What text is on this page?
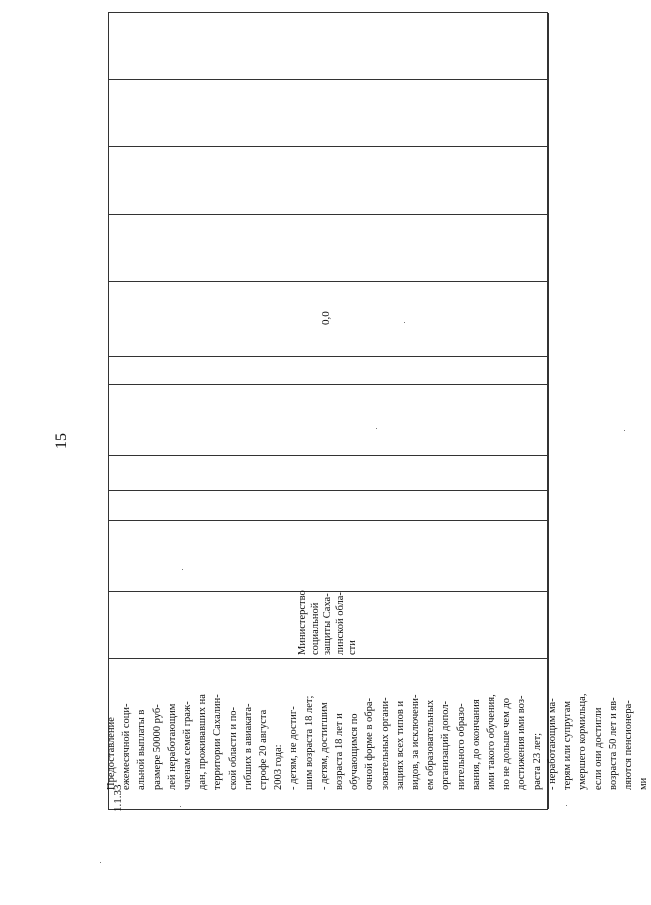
15
1.1.33
Предоставление
ежемесячной соци-
альной выплаты в
размере 50000 руб-
лей неработающим
членам семей граж-
дан, проживавших на
территории Сахалин-
ской области и по-
гибших в авиаката-
строфе 20 августа
2003 года:
- детям, не достиг-
шим возраста 18 лет;
- детям, достигшим
возраста 18 лет и
обучающимся по
очной форме в обра-
зовательных органи-
зациях всех типов и
видов, за исключени-
ем образовательных
организаций допол-
нительного образо-
вания, до окончания
ими такого обучения,
но не дольше чем до
достижения ими воз-
раста 23 лет;
- неработающим ма-
терям или супругам
умершего кормильца,
если они достигли
возраста 50 лет и яв-
ляются пенсионера-
ми
Министерство
социальной
защиты Саха-
линской обла-
сти
0,0
